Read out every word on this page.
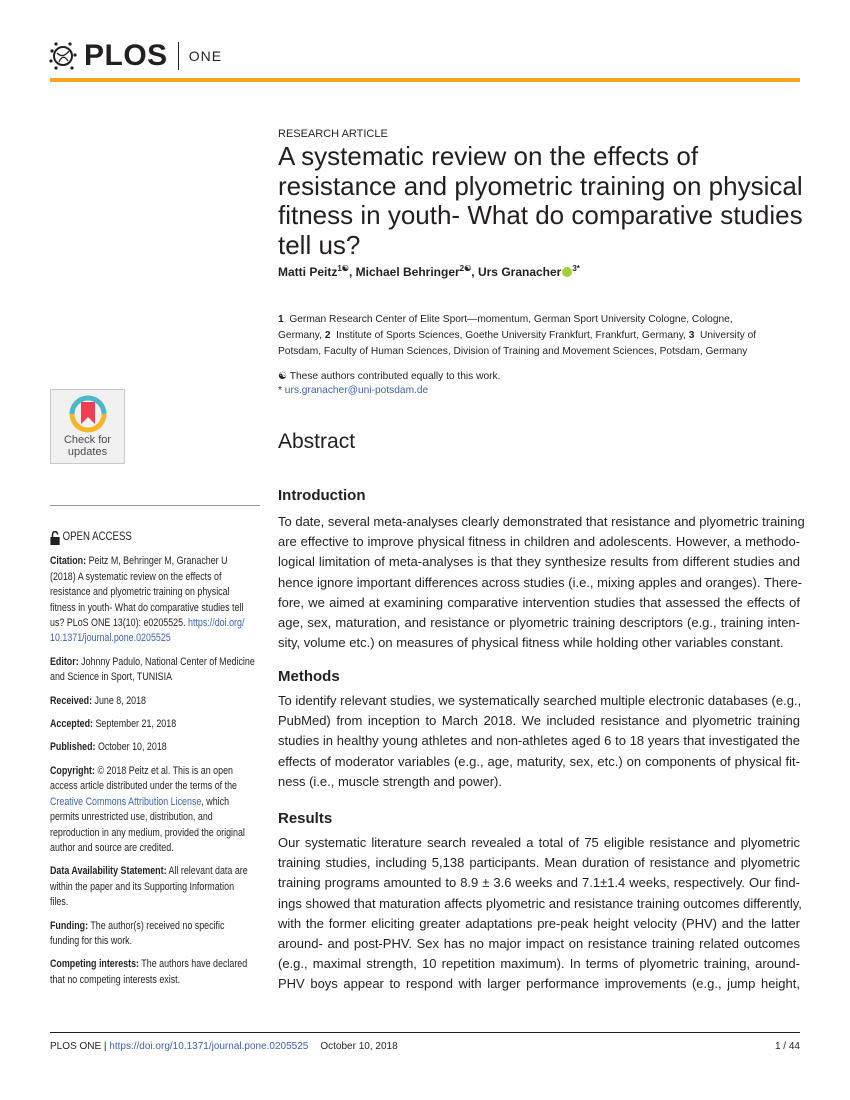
PLOS ONE
RESEARCH ARTICLE
A systematic review on the effects of
resistance and plyometric training on physical
fitness in youth- What do comparative studies
tell us?
Matti Peitz$^{1☯}$, Michael Behringer$^{2☯}$, Urs Granacher $^{3*}$
1  German Research Center of Elite Sport—momentum, German Sport University Cologne, Cologne,
Germany, 2  Institute of Sports Sciences, Goethe University Frankfurt, Frankfurt, Germany, 3  University of
Potsdam, Faculty of Human Sciences, Division of Training and Movement Sciences, Potsdam, Germany
☯ These authors contributed equally to this work.
* urs.granacher@uni-potsdam.de
Check for
updates
OPEN ACCESS
Citation: Peitz M, Behringer M, Granacher U
(2018) A systematic review on the effects of
resistance and plyometric training on physical
fitness in youth- What do comparative studies tell
us? PLoS ONE 13(10): e0205525. https://doi.org/
10.1371/journal.pone.0205525
Editor: Johnny Padulo, National Center of Medicine
and Science in Sport, TUNISIA
Received: June 8, 2018
Accepted: September 21, 2018
Published: October 10, 2018
Copyright: © 2018 Peitz et al. This is an open
access article distributed under the terms of the
Creative Commons Attribution License, which
permits unrestricted use, distribution, and
reproduction in any medium, provided the original
author and source are credited.
Data Availability Statement: All relevant data are
within the paper and its Supporting Information
files.
Funding: The author(s) received no specific
funding for this work.
Competing interests: The authors have declared
that no competing interests exist.
Abstract
Introduction
To date, several meta-analyses clearly demonstrated that resistance and plyometric training
are effective to improve physical fitness in children and adolescents. However, a methodo-
logical limitation of meta-analyses is that they synthesize results from different studies and
hence ignore important differences across studies (i.e., mixing apples and oranges). There-
fore, we aimed at examining comparative intervention studies that assessed the effects of
age, sex, maturation, and resistance or plyometric training descriptors (e.g., training inten-
sity, volume etc.) on measures of physical fitness while holding other variables constant.
Methods
To identify relevant studies, we systematically searched multiple electronic databases (e.g.,
PubMed) from inception to March 2018. We included resistance and plyometric training
studies in healthy young athletes and non-athletes aged 6 to 18 years that investigated the
effects of moderator variables (e.g., age, maturity, sex, etc.) on components of physical fit-
ness (i.e., muscle strength and power).
Results
Our systematic literature search revealed a total of 75 eligible resistance and plyometric
training studies, including 5,138 participants. Mean duration of resistance and plyometric
training programs amounted to 8.9 ± 3.6 weeks and 7.1±1.4 weeks, respectively. Our find-
ings showed that maturation affects plyometric and resistance training outcomes differently,
with the former eliciting greater adaptations pre-peak height velocity (PHV) and the latter
around- and post-PHV. Sex has no major impact on resistance training related outcomes
(e.g., maximal strength, 10 repetition maximum). In terms of plyometric training, around-
PHV boys appear to respond with larger performance improvements (e.g., jump height,
PLOS ONE | https://doi.org/10.1371/journal.pone.0205525 October 10, 2018	1 / 44
